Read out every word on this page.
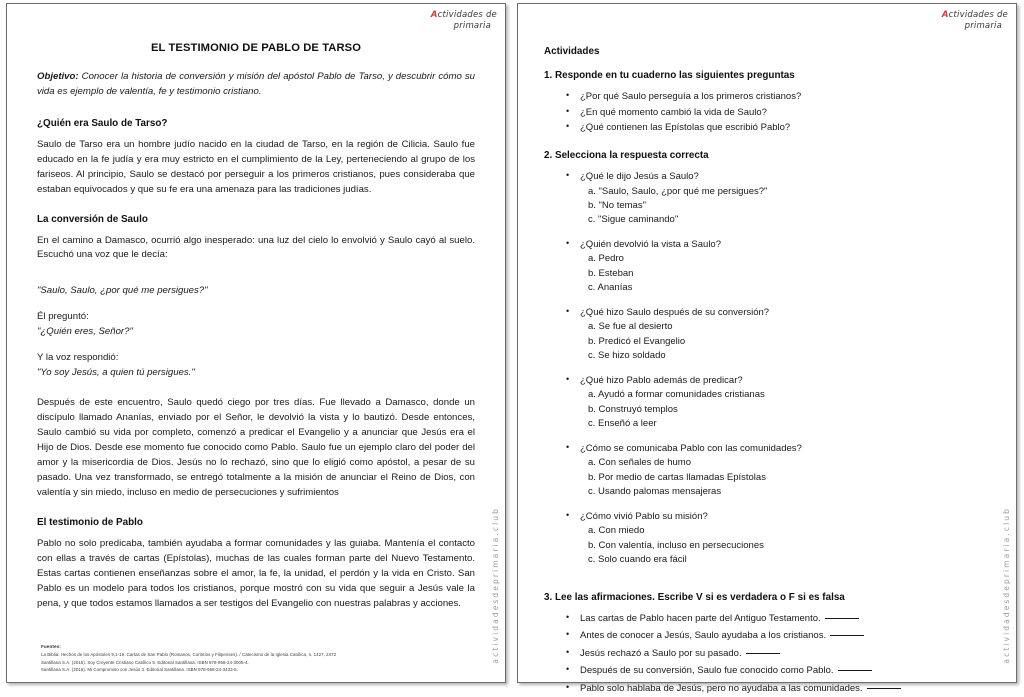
Actividades de
primaria
actividadesdeprimaria.club
EL TESTIMONIO DE PABLO DE TARSO

Objetivo: Conocer la historia de conversión y misión del apóstol Pablo de Tarso, y descubrir cómo su vida es ejemplo de valentía, fe y testimonio cristiano.

¿Quién era Saulo de Tarso?

Saulo de Tarso era un hombre judío nacido en la ciudad de Tarso, en la región de Cilicia. Saulo fue educado en la fe judía y era muy estricto en el cumplimiento de la Ley, perteneciendo al grupo de los fariseos. Al principio, Saulo se destacó por perseguir a los primeros cristianos, pues consideraba que estaban equivocados y que su fe era una amenaza para las tradiciones judías.

La conversión de Saulo

En el camino a Damasco, ocurrió algo inesperado: una luz del cielo lo envolvió y Saulo cayó al suelo. Escuchó una voz que le decía:

"Saulo, Saulo, ¿por qué me persigues?"

Él preguntó:

"¿Quién eres, Señor?"

Y la voz respondió:

"Yo soy Jesús, a quien tú persigues."

Después de este encuentro, Saulo quedó ciego por tres días. Fue llevado a Damasco, donde un discípulo llamado Ananías, enviado por el Señor, le devolvió la vista y lo bautizó. Desde entonces, Saulo cambió su vida por completo, comenzó a predicar el Evangelio y a anunciar que Jesús era el Hijo de Dios. Desde ese momento fue conocido como Pablo. Saulo fue un ejemplo claro del poder del amor y la misericordia de Dios. Jesús no lo rechazó, sino que lo eligió como apóstol, a pesar de su pasado. Una vez transformado, se entregó totalmente a la misión de anunciar el Reino de Dios, con valentía y sin miedo, incluso en medio de persecuciones y sufrimientos

El testimonio de Pablo

Pablo no solo predicaba, también ayudaba a formar comunidades y las guiaba. Mantenía el contacto con ellas a través de cartas (Epístolas), muchas de las cuales forman parte del Nuevo Testamento. Estas cartas contienen enseñanzas sobre el amor, la fe, la unidad, el perdón y la vida en Cristo. San Pablo es un modelo para todos los cristianos, porque mostró con su vida que seguir a Jesús vale la pena, y que todos estamos llamados a ser testigos del Evangelio con nuestras palabras y acciones.

Fuentes:
La Biblia: Hechos de los Apóstoles 9,1-19. Cartas de San Pablo (Romanos, Corintios y Filipenses). / Catecismo de la Iglesia Católica, n. 1427, 2472
Santillana S.A. (2015). Soy Creyente Cristiano Católico 5. Editorial Santillana. ISBN 978-958-24-3005-4.
Santillana S.A. (2016). Mi Compromiso con Jesús 3. Editorial Santillana. ISBN 978-958-24-3433-5.
Actividades de
primaria
actividadesdeprimaria.club
Actividades
1. Responde en tu cuaderno las siguientes preguntas
• ¿Por qué Saulo perseguía a los primeros cristianos?
• ¿En qué momento cambió la vida de Saulo?
• ¿Qué contienen las Epístolas que escribió Pablo?
2. Selecciona la respuesta correcta
• ¿Qué le dijo Jesús a Saulo?
a. "Saulo, Saulo, ¿por qué me persigues?"
b. "No temas"
c. "Sigue caminando"
• ¿Quién devolvió la vista a Saulo?
a. Pedro
b. Esteban
c. Ananías
• ¿Qué hizo Saulo después de su conversión?
a. Se fue al desierto
b. Predicó el Evangelio
c. Se hizo soldado
• ¿Qué hizo Pablo además de predicar?
a. Ayudó a formar comunidades cristianas
b. Construyó templos
c. Enseñó a leer
• ¿Cómo se comunicaba Pablo con las comunidades?
a. Con señales de humo
b. Por medio de cartas llamadas Epístolas
c. Usando palomas mensajeras
• ¿Cómo vivió Pablo su misión?
a. Con miedo
b. Con valentía, incluso en persecuciones
c. Solo cuando era fácil
3. Lee las afirmaciones. Escribe V si es verdadera o F si es falsa
• Las cartas de Pablo hacen parte del Antiguo Testamento.
• Antes de conocer a Jesús, Saulo ayudaba a los cristianos.
• Jesús rechazó a Saulo por su pasado.
• Después de su conversión, Saulo fue conocido como Pablo.
• Pablo solo hablaba de Jesús, pero no ayudaba a las comunidades.
